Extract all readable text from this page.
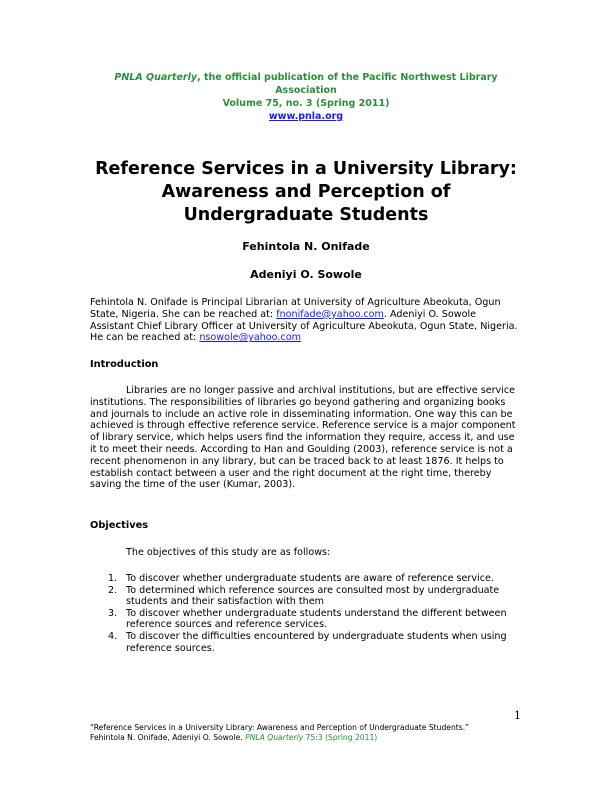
PNLA Quarterly, the official publication of the Pacific Northwest Library Association
Volume 75, no. 3 (Spring 2011)
www.pnla.org
Reference Services in a University Library:
Awareness and Perception of
Undergraduate Students
Fehintola N. Onifade
Adeniyi O. Sowole

Fehintola N. Onifade is Principal Librarian at University of Agriculture Abeokuta, Ogun State, Nigeria. She can be reached at: fnonifade@yahoo.com. Adeniyi O. Sowole Assistant Chief Library Officer at University of Agriculture Abeokuta, Ogun State, Nigeria. He can be reached at: nsowole@yahoo.com

Introduction

Libraries are no longer passive and archival institutions, but are effective service institutions. The responsibilities of libraries go beyond gathering and organizing books and journals to include an active role in disseminating information. One way this can be achieved is through effective reference service. Reference service is a major component of library service, which helps users find the information they require, access it, and use it to meet their needs. According to Han and Goulding (2003), reference service is not a recent phenomenon in any library, but can be traced back to at least 1876. It helps to establish contact between a user and the right document at the right time, thereby saving the time of the user (Kumar, 2003).

Objectives

The objectives of this study are as follows:

1. To discover whether undergraduate students are aware of reference service.
2. To determined which reference sources are consulted most by undergraduate students and their satisfaction with them
3. To discover whether undergraduate students understand the different between reference sources and reference services.
4. To discover the difficulties encountered by undergraduate students when using reference sources.
1
“Reference Services in a University Library: Awareness and Perception of Undergraduate Students.”
Fehintola N. Onifade, Adeniyi O. Sowole. PNLA Quarterly 75:3 (Spring 2011)
